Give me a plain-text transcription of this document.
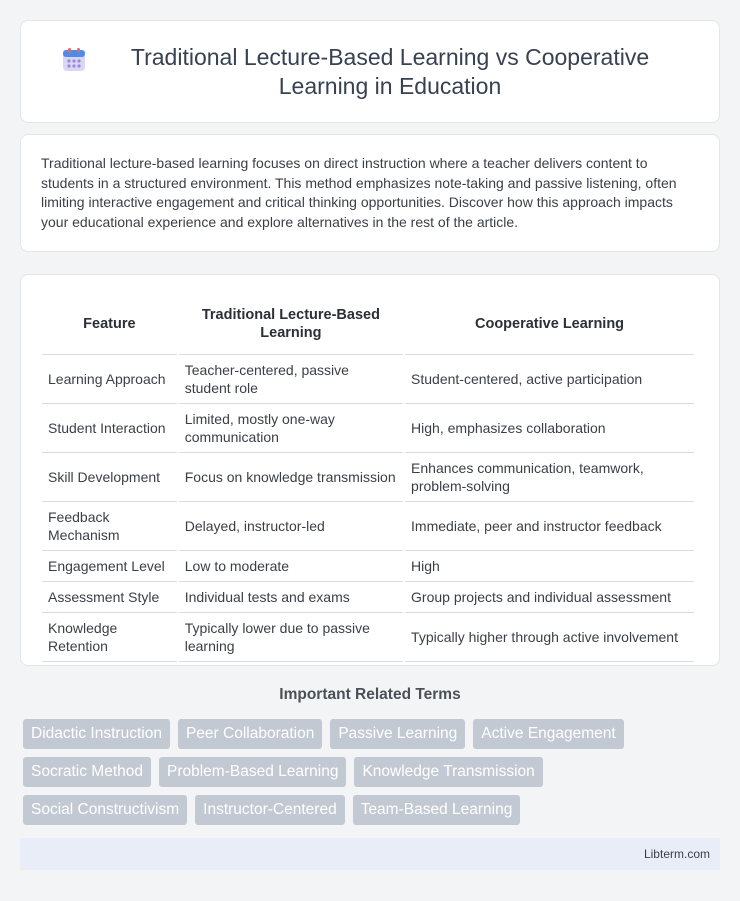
Traditional Lecture-Based Learning vs Cooperative Learning in Education

Traditional lecture-based learning focuses on direct instruction where a teacher delivers content to students in a structured environment. This method emphasizes note-taking and passive listening, often limiting interactive engagement and critical thinking opportunities. Discover how this approach impacts your educational experience and explore alternatives in the rest of the article.

Feature	Traditional Lecture-Based Learning	Cooperative Learning
Learning Approach	Teacher-centered, passive student role	Student-centered, active participation
Student Interaction	Limited, mostly one-way communication	High, emphasizes collaboration
Skill Development	Focus on knowledge transmission	Enhances communication, teamwork, problem-solving
Feedback Mechanism	Delayed, instructor-led	Immediate, peer and instructor feedback
Engagement Level	Low to moderate	High
Assessment Style	Individual tests and exams	Group projects and individual assessment
Knowledge Retention	Typically lower due to passive learning	Typically higher through active involvement
Important Related Terms
Didactic Instruction	Peer Collaboration	Passive Learning	Active Engagement
Socratic Method	Problem-Based Learning	Knowledge Transmission
Social Constructivism	Instructor-Centered	Team-Based Learning
Libterm.com
